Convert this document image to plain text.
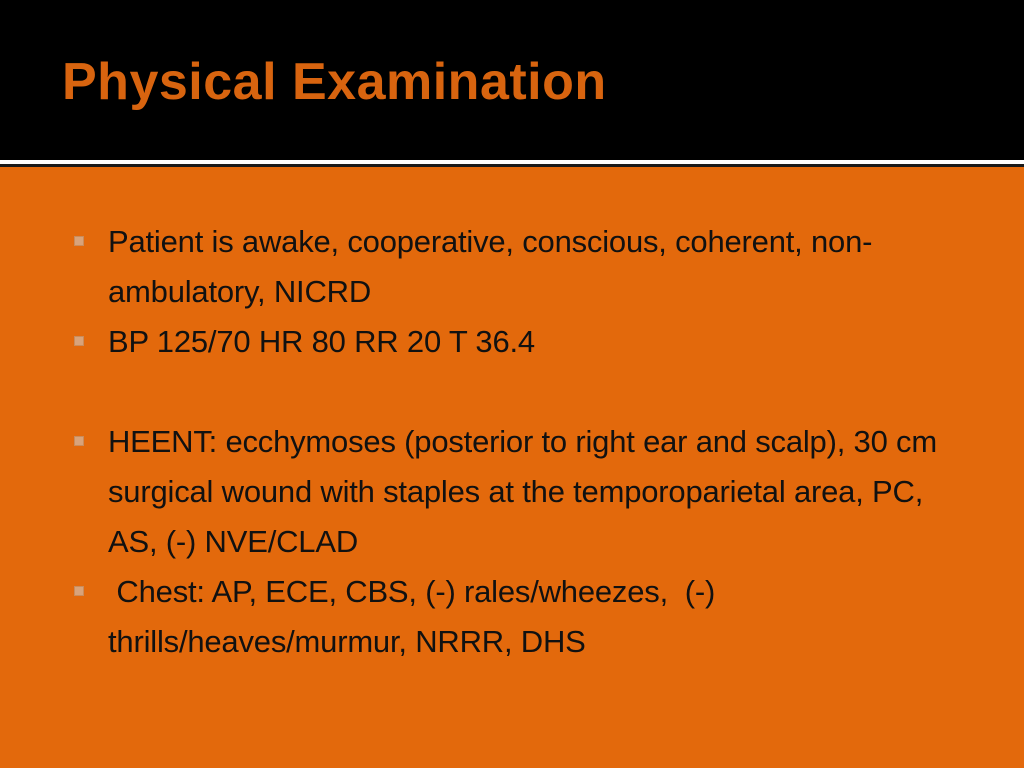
Physical Examination
Patient is awake, cooperative, conscious, coherent, non-ambulatory, NICRD
BP 125/70 HR 80 RR 20 T 36.4
HEENT: ecchymoses (posterior to right ear and scalp), 30 cm surgical wound with staples at the temporoparietal area, PC, AS, (-) NVE/CLAD
Chest: AP, ECE, CBS, (-) rales/wheezes,  (-) thrills/heaves/murmur, NRRR, DHS
